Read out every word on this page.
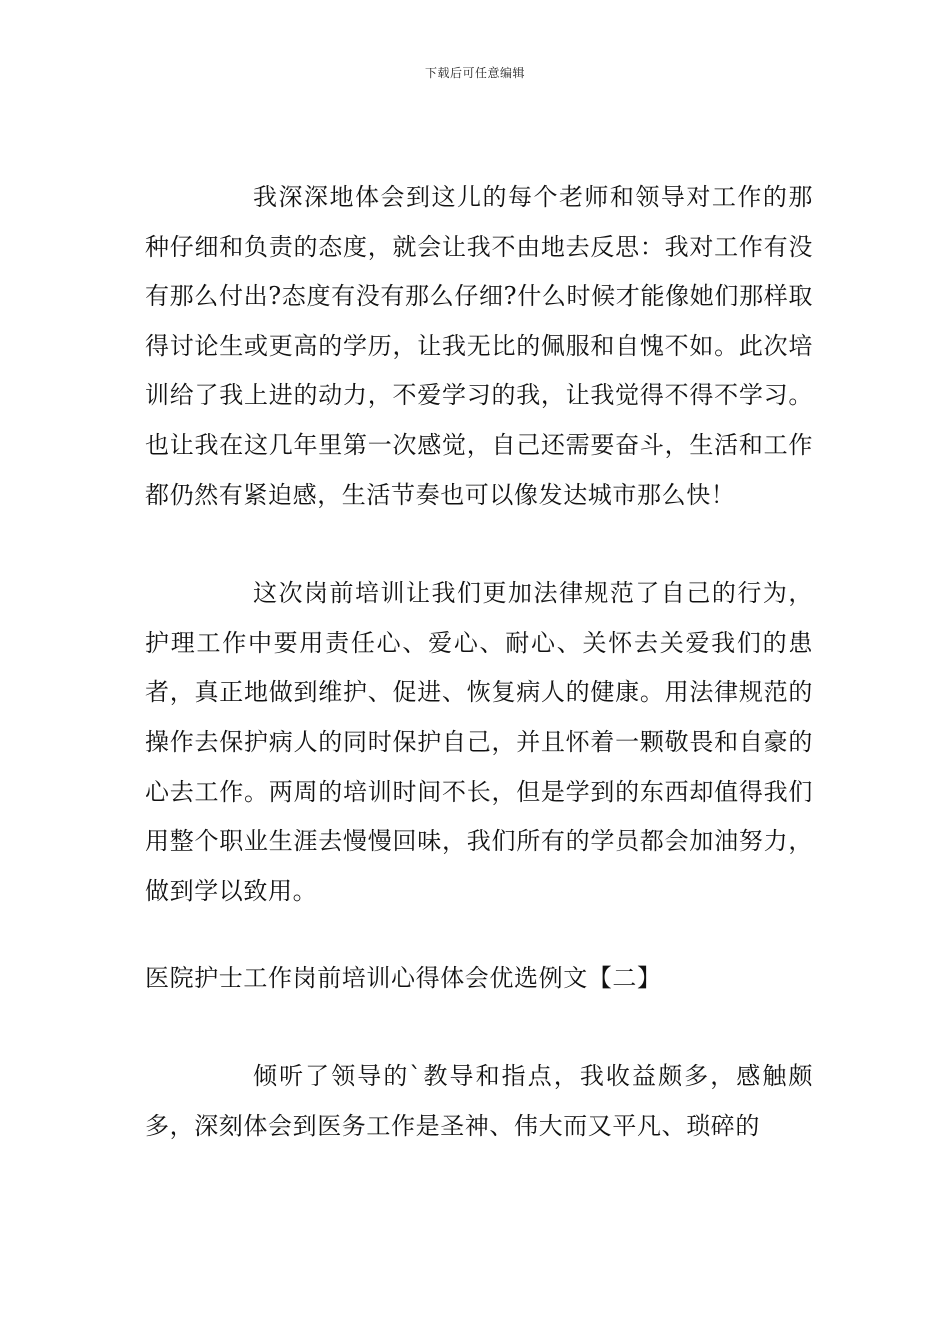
下载后可任意编辑

我深深地体会到这儿的每个老师和领导对工作的那种仔细和负责的态度，就会让我不由地去反思：我对工作有没有那么付出?态度有没有那么仔细?什么时候才能像她们那样取得讨论生或更高的学历，让我无比的佩服和自愧不如。此次培训给了我上进的动力，不爱学习的我，让我觉得不得不学习。也让我在这几年里第一次感觉，自己还需要奋斗，生活和工作都仍然有紧迫感，生活节奏也可以像发达城市那么快！

这次岗前培训让我们更加法律规范了自己的行为，护理工作中要用责任心、爱心、耐心、关怀去关爱我们的患者，真正地做到维护、促进、恢复病人的健康。用法律规范的操作去保护病人的同时保护自己，并且怀着一颗敬畏和自豪的心去工作。两周的培训时间不长，但是学到的东西却值得我们用整个职业生涯去慢慢回味，我们所有的学员都会加油努力，做到学以致用。

医院护士工作岗前培训心得体会优选例文【二】

倾听了领导的`教导和指点，我收益颇多，感触颇多，深刻体会到医务工作是圣神、伟大而又平凡、琐碎的
